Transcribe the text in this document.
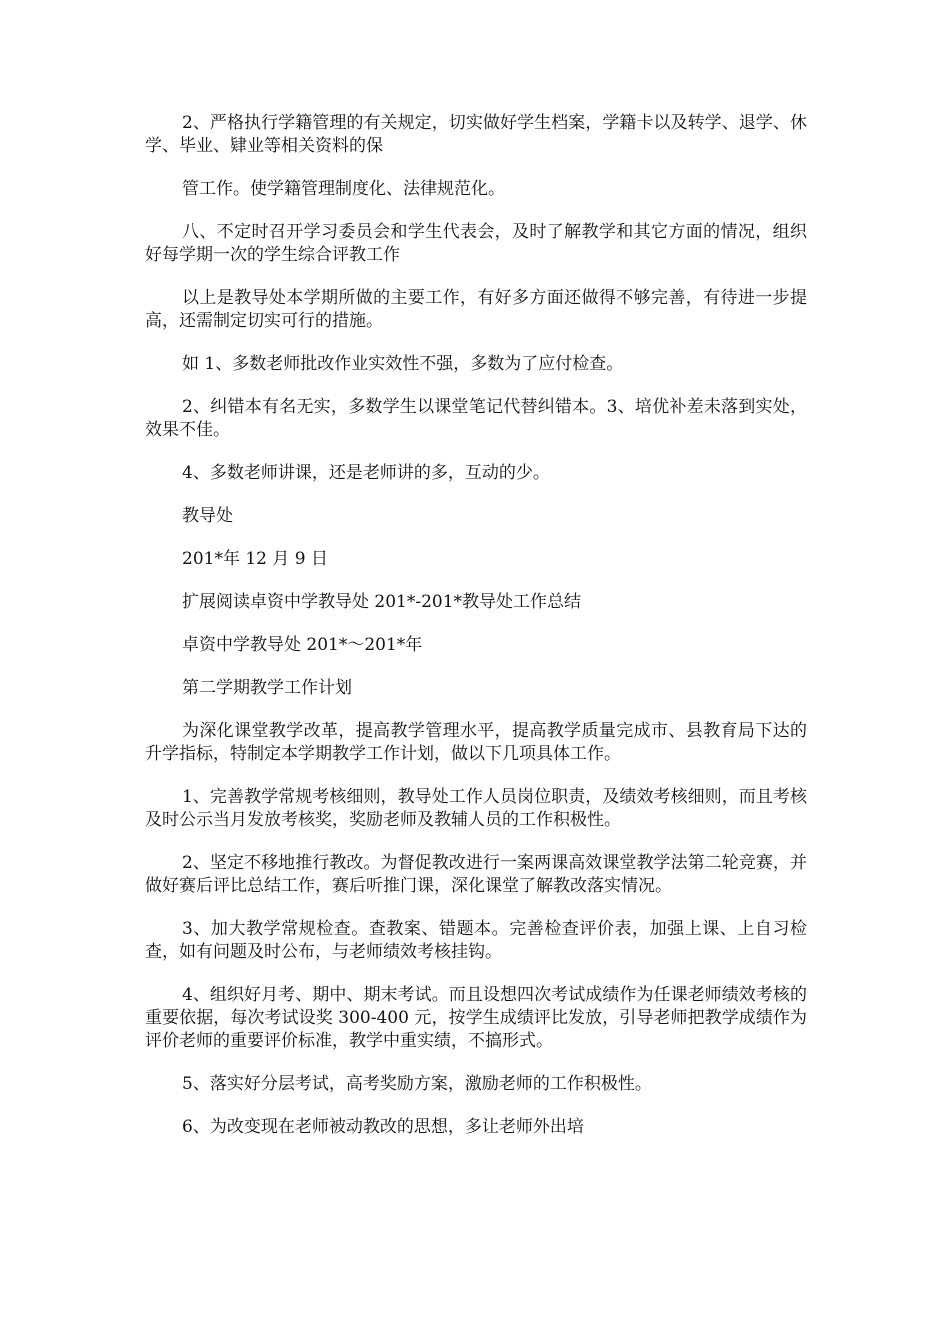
2、严格执行学籍管理的有关规定，切实做好学生档案，学籍卡以及转学、退学、休学、毕业、肄业等相关资料的保

管工作。使学籍管理制度化、法律规范化。

八、不定时召开学习委员会和学生代表会，及时了解教学和其它方面的情况，组织好每学期一次的学生综合评教工作

以上是教导处本学期所做的主要工作，有好多方面还做得不够完善，有待进一步提高，还需制定切实可行的措施。

如 1、多数老师批改作业实效性不强，多数为了应付检查。

2、纠错本有名无实，多数学生以课堂笔记代替纠错本。3、培优补差未落到实处，效果不佳。

4、多数老师讲课，还是老师讲的多，互动的少。

教导处

201*年 12 月 9 日

扩展阅读卓资中学教导处 201*-201*教导处工作总结

卓资中学教导处 201*～201*年

第二学期教学工作计划

为深化课堂教学改革，提高教学管理水平，提高教学质量完成市、县教育局下达的升学指标，特制定本学期教学工作计划，做以下几项具体工作。

1、完善教学常规考核细则，教导处工作人员岗位职责，及绩效考核细则，而且考核及时公示当月发放考核奖，奖励老师及教辅人员的工作积极性。

2、坚定不移地推行教改。为督促教改进行一案两课高效课堂教学法第二轮竞赛，并做好赛后评比总结工作，赛后听推门课，深化课堂了解教改落实情况。

3、加大教学常规检查。查教案、错题本。完善检查评价表，加强上课、上自习检查，如有问题及时公布，与老师绩效考核挂钩。

4、组织好月考、期中、期末考试。而且设想四次考试成绩作为任课老师绩效考核的重要依据，每次考试设奖 300-400 元，按学生成绩评比发放，引导老师把教学成绩作为评价老师的重要评价标准，教学中重实绩，不搞形式。

5、落实好分层考试，高考奖励方案，激励老师的工作积极性。

6、为改变现在老师被动教改的思想，多让老师外出培
